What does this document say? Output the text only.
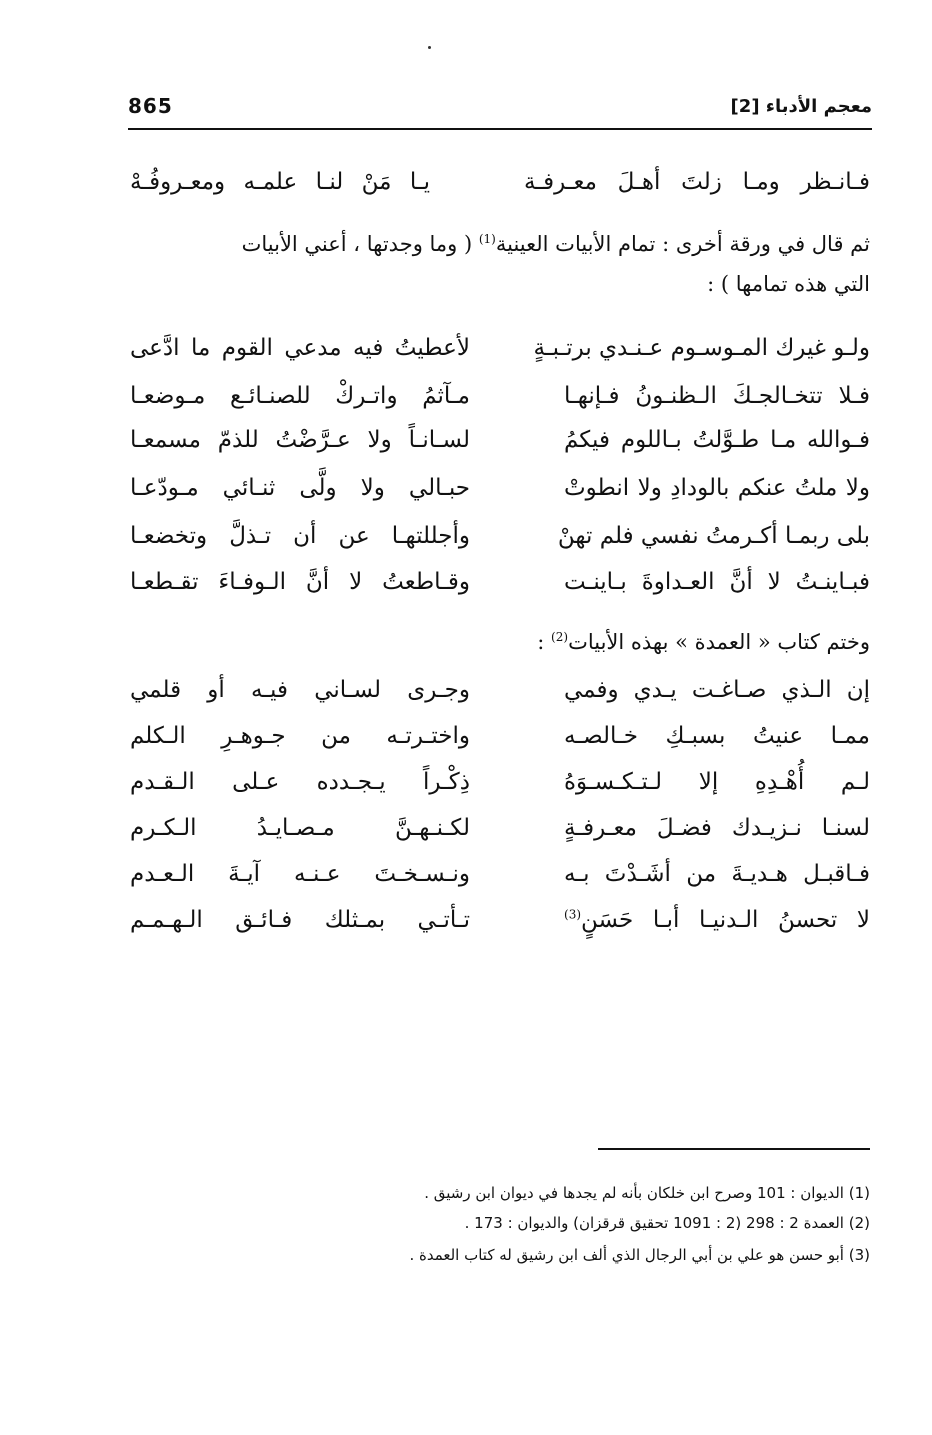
معجم الأدباء [2]
865
فـانـظر ومـا زلتَ أهـلَ معـرفـة
يـا مَنْ لنـا علمـه ومعـروفُـهْ
ثم قال في ورقة أخرى : تمام الأبيات العينية$^{(1)}$ ( وما وجدتها ، أعني الأبيات
التي هذه تمامها ) :
ولـو غيرك المـوسـوم عـنـدي برتـبـةٍ
لأعطيتُ فيه مدعي القوم ما ادَّعى
فـلا تتخـالجـكَ الـظنـونُ فـإنهـا
مـآثمُ واتـركْ للصنـائـع مـوضعـا
فـوالله مـا طـوَّلتُ بـاللوم فيكمُ
لسـانـاً ولا عـرَّضْتُ للذمّ مسمعـا
ولا ملتُ عنكم بالودادِ ولا انطوتْ
حبـالي ولا ولَّى ثنـائي مـودّعـا
بلى ربمـا أكـرمتُ نفسي فلم تهنْ
وأجللتهـا عن أن تـذلَّ وتخضعـا
فبـاينـتُ لا أنَّ العـداوةَ بـاينـت
وقـاطعتُ لا أنَّ الـوفـاءَ تقـطعـا
وختم كتاب « العمدة » بهذه الأبيات$^{(2)}$ :
إن الـذي صـاغـت يـدي وفمي
وجـرى لسـاني فيـه أو قلمي
ممـا عنيتُ بسبـكِ خـالصـه
واختـرتـه من جـوهـرِ الـكلم
لـم أُهْـدِهِ إلا لـتـكـسـوَهُ
ذِكْـراً يـجـدده عـلى الـقـدم
لسنـا نـزيـدك فضـلَ معـرفـةٍ
لكـنـهـنَّ مـصـايـدُ الـكـرم
فـاقبـل هـديـةَ من أشَـدْتَ بـه
ونـسـخـتَ عـنـه آيـةَ الـعـدم
لا تحسنُ الـدنيـا أبـا حَسَنٍ$^{(3)}$
تـأتـي بمـثلك فـائـق الـهـمـم
(1) الديوان : 101 وصرح ابن خلكان بأنه لم يجدها في ديوان ابن رشيق .
(2) العمدة 2 : 298 (2 : 1091 تحقيق قرقزان) والديوان : 173 .
(3) أبو حسن هو علي بن أبي الرجال الذي ألف ابن رشيق له كتاب العمدة .
